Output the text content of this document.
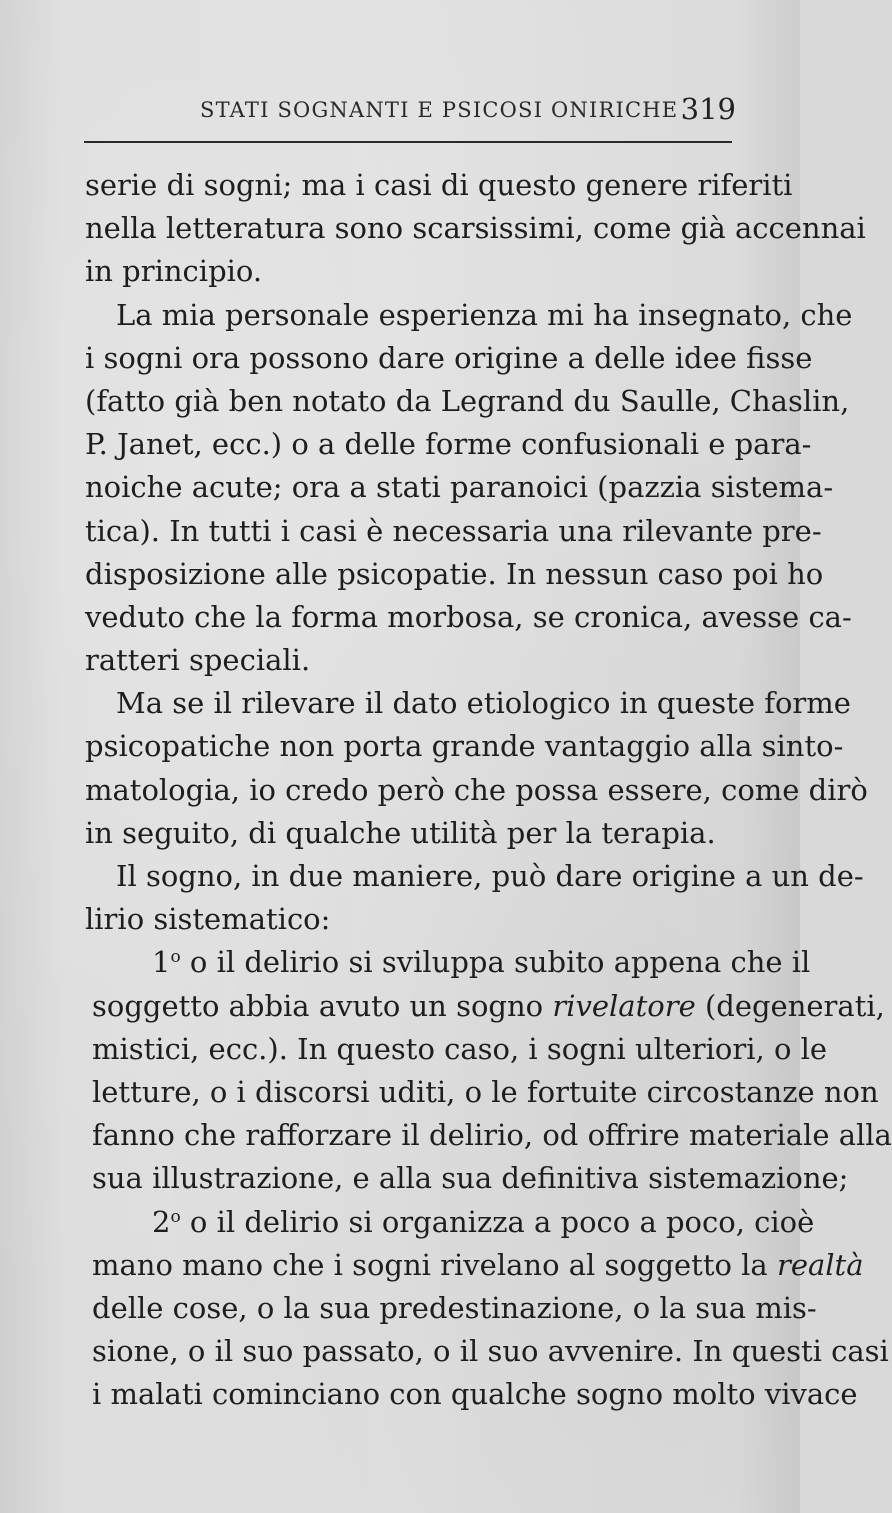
STATI SOGNANTI E PSICOSI ONIRICHE 319
serie di sogni; ma i casi di questo genere riferiti
nella letteratura sono scarsissimi, come già accennai
in principio.
La mia personale esperienza mi ha insegnato, che
i sogni ora possono dare origine a delle idee fisse
(fatto già ben notato da Legrand du Saulle, Chaslin,
P. Janet, ecc.) o a delle forme confusionali e para-
noiche acute; ora a stati paranoici (pazzia sistema-
tica). In tutti i casi è necessaria una rilevante pre-
disposizione alle psicopatie. In nessun caso poi ho
veduto che la forma morbosa, se cronica, avesse ca-
ratteri speciali.
Ma se il rilevare il dato etiologico in queste forme
psicopatiche non porta grande vantaggio alla sinto-
matologia, io credo però che possa essere, come dirò
in seguito, di qualche utilità per la terapia.
Il sogno, in due maniere, può dare origine a un de-
lirio sistematico:
1$^o$ o il delirio si sviluppa subito appena che il
soggetto abbia avuto un sogno rivelatore (degenerati,
mistici, ecc.). In questo caso, i sogni ulteriori, o le
letture, o i discorsi uditi, o le fortuite circostanze non
fanno che rafforzare il delirio, od offrire materiale alla
sua illustrazione, e alla sua definitiva sistemazione;
2$^o$ o il delirio si organizza a poco a poco, cioè
mano mano che i sogni rivelano al soggetto la realtà
delle cose, o la sua predestinazione, o la sua mis-
sione, o il suo passato, o il suo avvenire. In questi casi
i malati cominciano con qualche sogno molto vivace
